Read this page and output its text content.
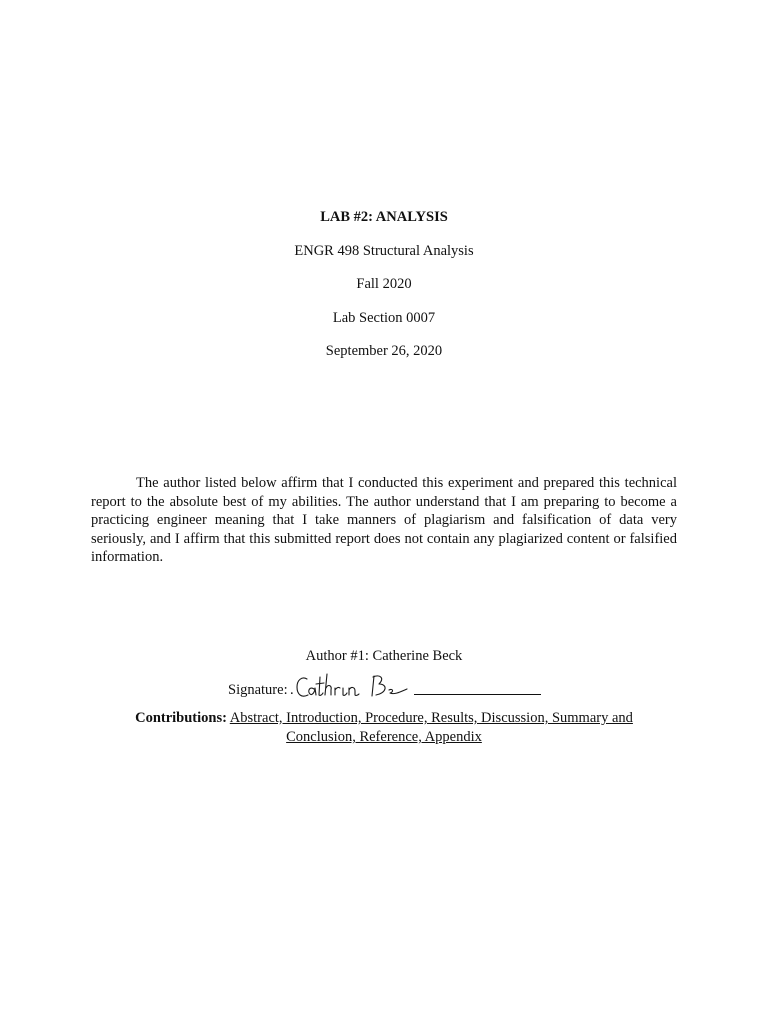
LAB #2: ANALYSIS
ENGR 498 Structural Analysis
Fall 2020
Lab Section 0007
September 26, 2020

The author listed below affirm that I conducted this experiment and prepared this technical report to the absolute best of my abilities. The author understand that I am preparing to become a practicing engineer meaning that I take manners of plagiarism and falsification of data very seriously, and I affirm that this submitted report does not contain any plagiarized content or falsified information.

Author #1: Catherine Beck
Signature: .

Contributions: Abstract, Introduction, Procedure, Results, Discussion, Summary and Conclusion, Reference, Appendix
